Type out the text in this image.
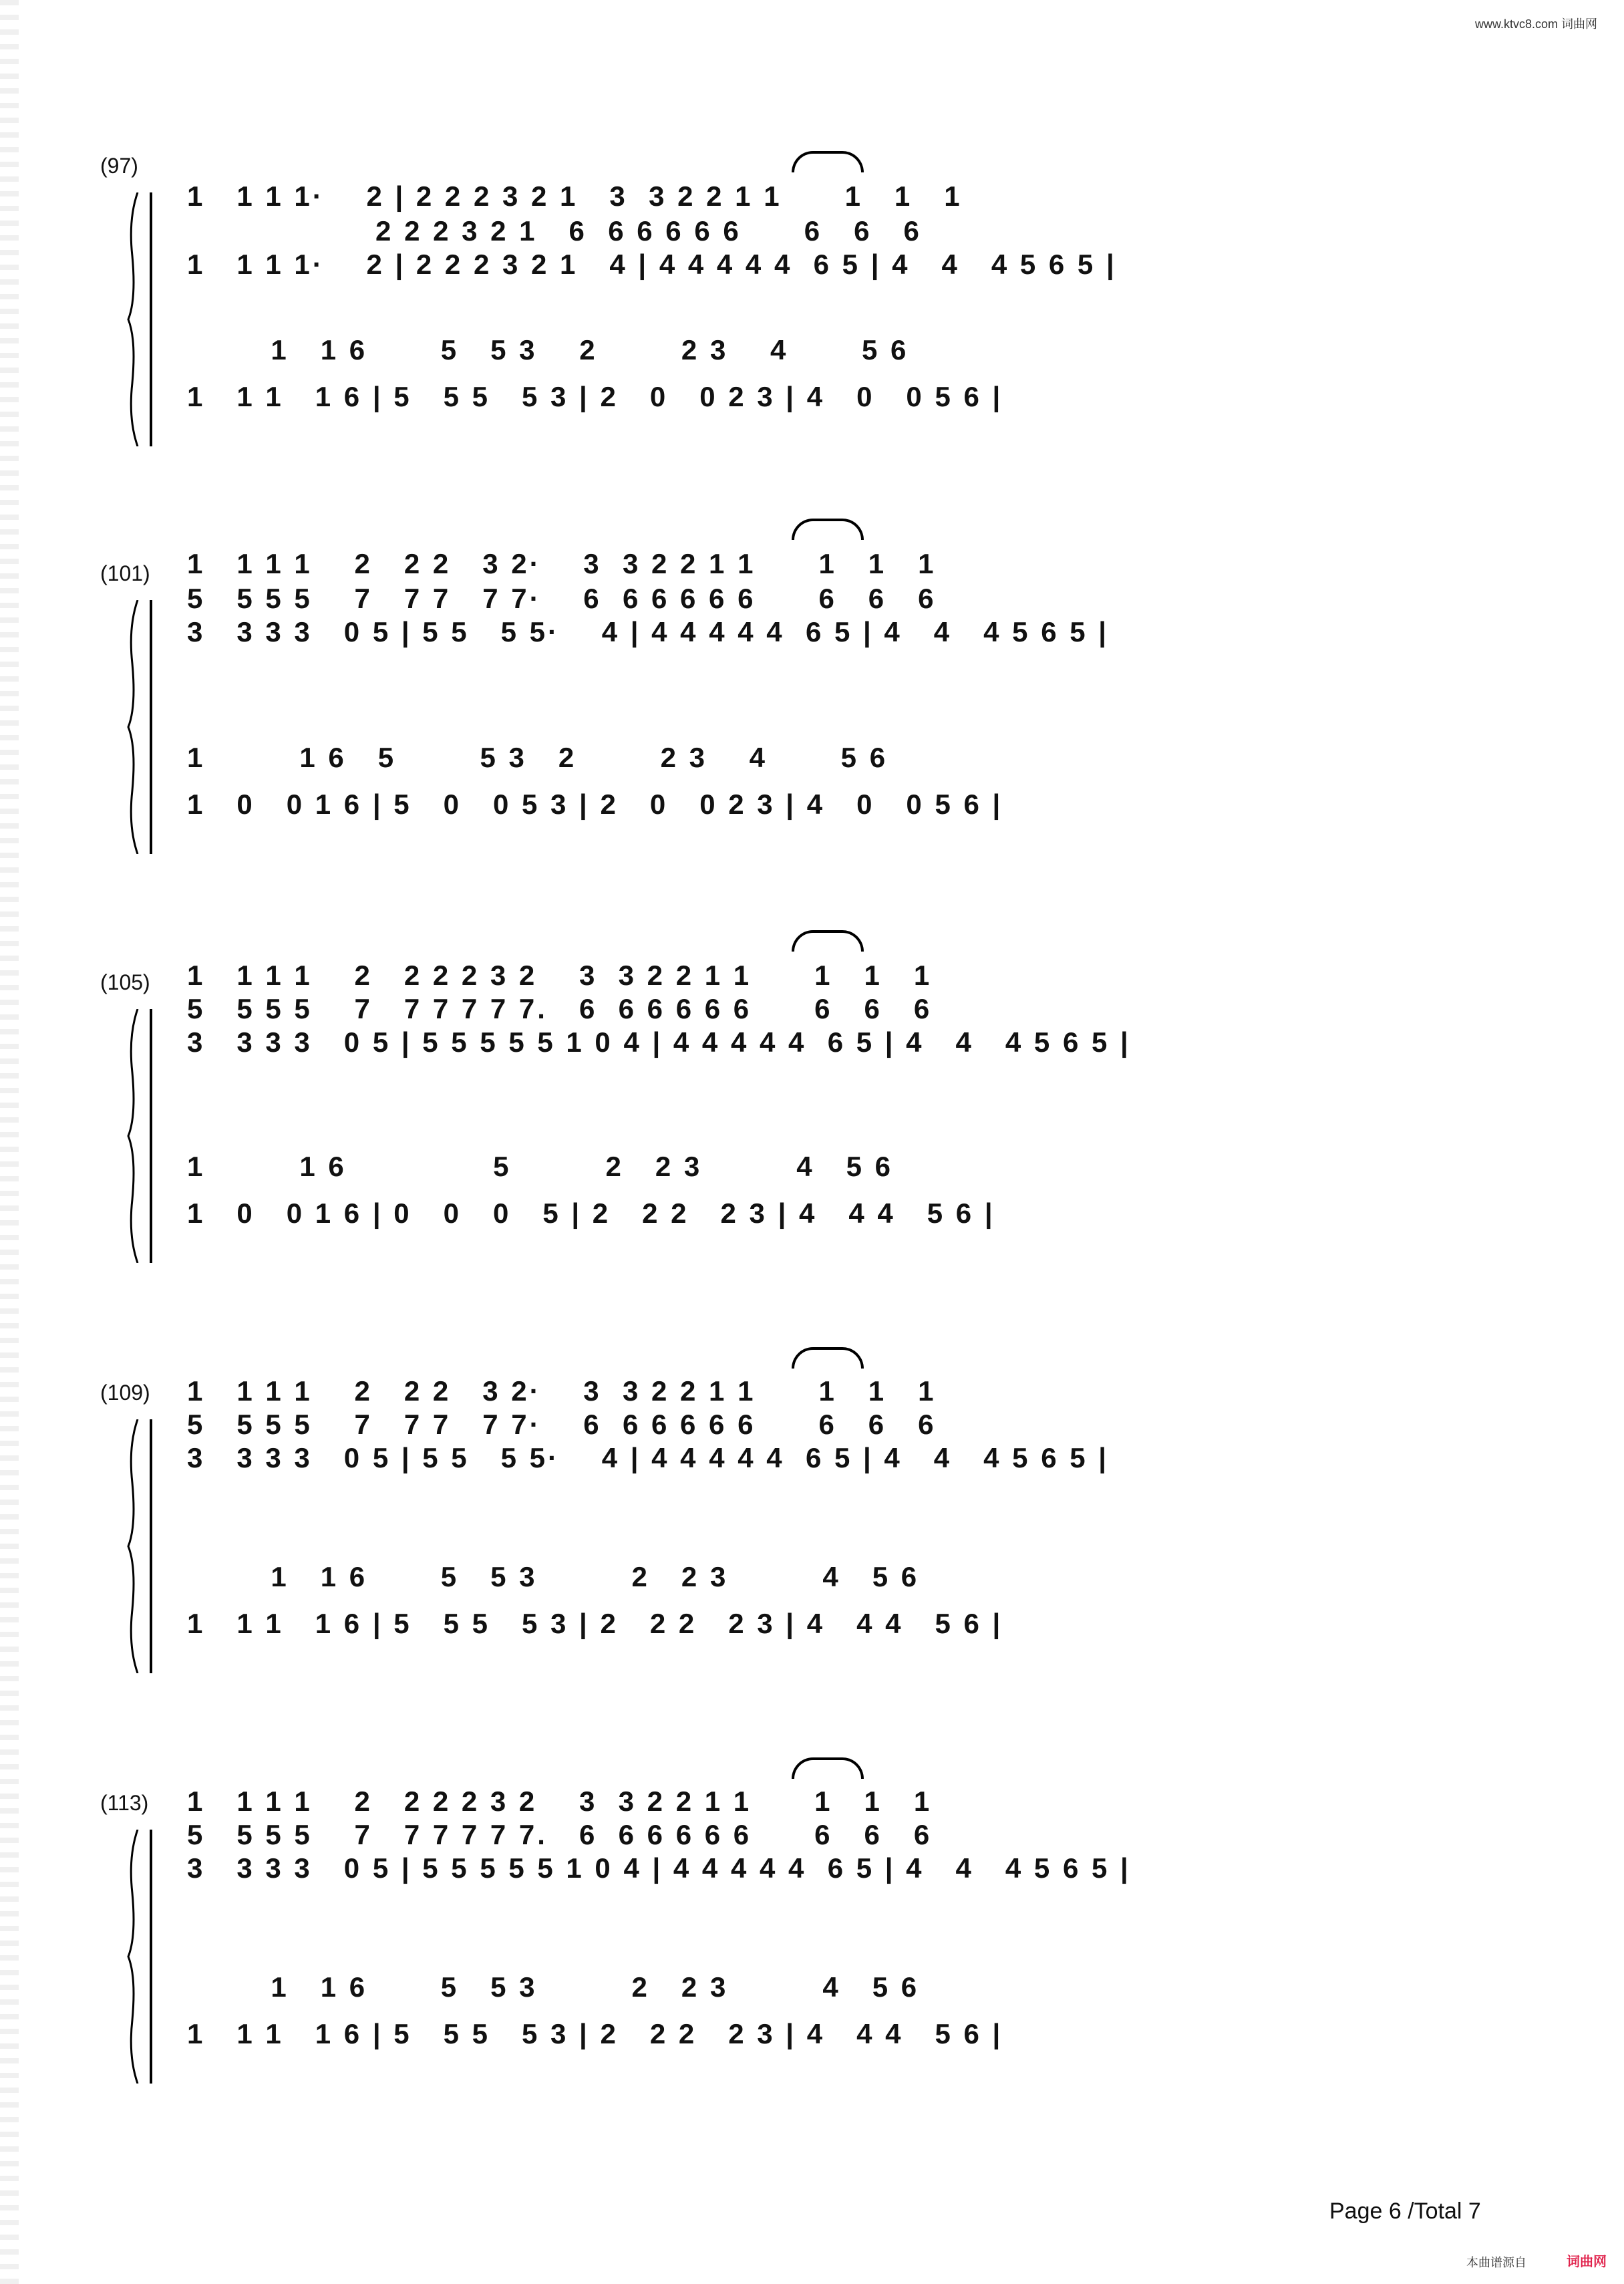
www.ktvc8.com 词曲网
(97)
1   1 1 1·    2 | 2 2 2 3 2 1   3  3 2 2 1 1      1   1   1
2 2 2 3 2 1   6  6 6 6 6 6      6   6   6
1   1 1 1·    2 | 2 2 2 3 2 1   4 | 4 4 4 4 4  6 5 | 4   4   4 5 6 5 |
1   1 6       5   5 3    2        2 3    4       5 6
1   1 1   1 6 | 5   5 5   5 3 | 2   0   0 2 3 | 4   0   0 5 6 |
(101) 1   1 1 1    2   2 2   3 2·    3  3 2 2 1 1      1   1   1
5   5 5 5    7   7 7   7 7·    6  6 6 6 6 6      6   6   6
3   3 3 3   0 5 | 5 5   5 5·    4 | 4 4 4 4 4  6 5 | 4   4   4 5 6 5 |
1         1 6   5        5 3   2        2 3    4       5 6
1   0   0 1 6 | 5   0   0 5 3 | 2   0   0 2 3 | 4   0   0 5 6 |
(105) 1   1 1 1    2   2 2 2 3 2    3  3 2 2 1 1      1   1   1
5   5 5 5    7   7 7 7 7 7.   6  6 6 6 6 6      6   6   6
3   3 3 3   0 5 | 5 5 5 5 5 1 0 4 | 4 4 4 4 4  6 5 | 4   4   4 5 6 5 |
1         1 6              5         2   2 3         4   5 6
1   0   0 1 6 | 0   0   0   5 | 2   2 2   2 3 | 4   4 4   5 6 |
(109) 1   1 1 1    2   2 2   3 2·    3  3 2 2 1 1      1   1   1
5   5 5 5    7   7 7   7 7·    6  6 6 6 6 6      6   6   6
3   3 3 3   0 5 | 5 5   5 5·    4 | 4 4 4 4 4  6 5 | 4   4   4 5 6 5 |
1   1 6       5   5 3         2   2 3         4   5 6
1   1 1   1 6 | 5   5 5   5 3 | 2   2 2   2 3 | 4   4 4   5 6 |
(113) 1   1 1 1    2   2 2 2 3 2    3  3 2 2 1 1      1   1   1
5   5 5 5    7   7 7 7 7 7.   6  6 6 6 6 6      6   6   6
3   3 3 3   0 5 | 5 5 5 5 5 1 0 4 | 4 4 4 4 4  6 5 | 4   4   4 5 6 5 |
1   1 6       5   5 3         2   2 3         4   5 6
1   1 1   1 6 | 5   5 5   5 3 | 2   2 2   2 3 | 4   4 4   5 6 |
Page 6 /Total 7
本曲谱源自	词曲网
